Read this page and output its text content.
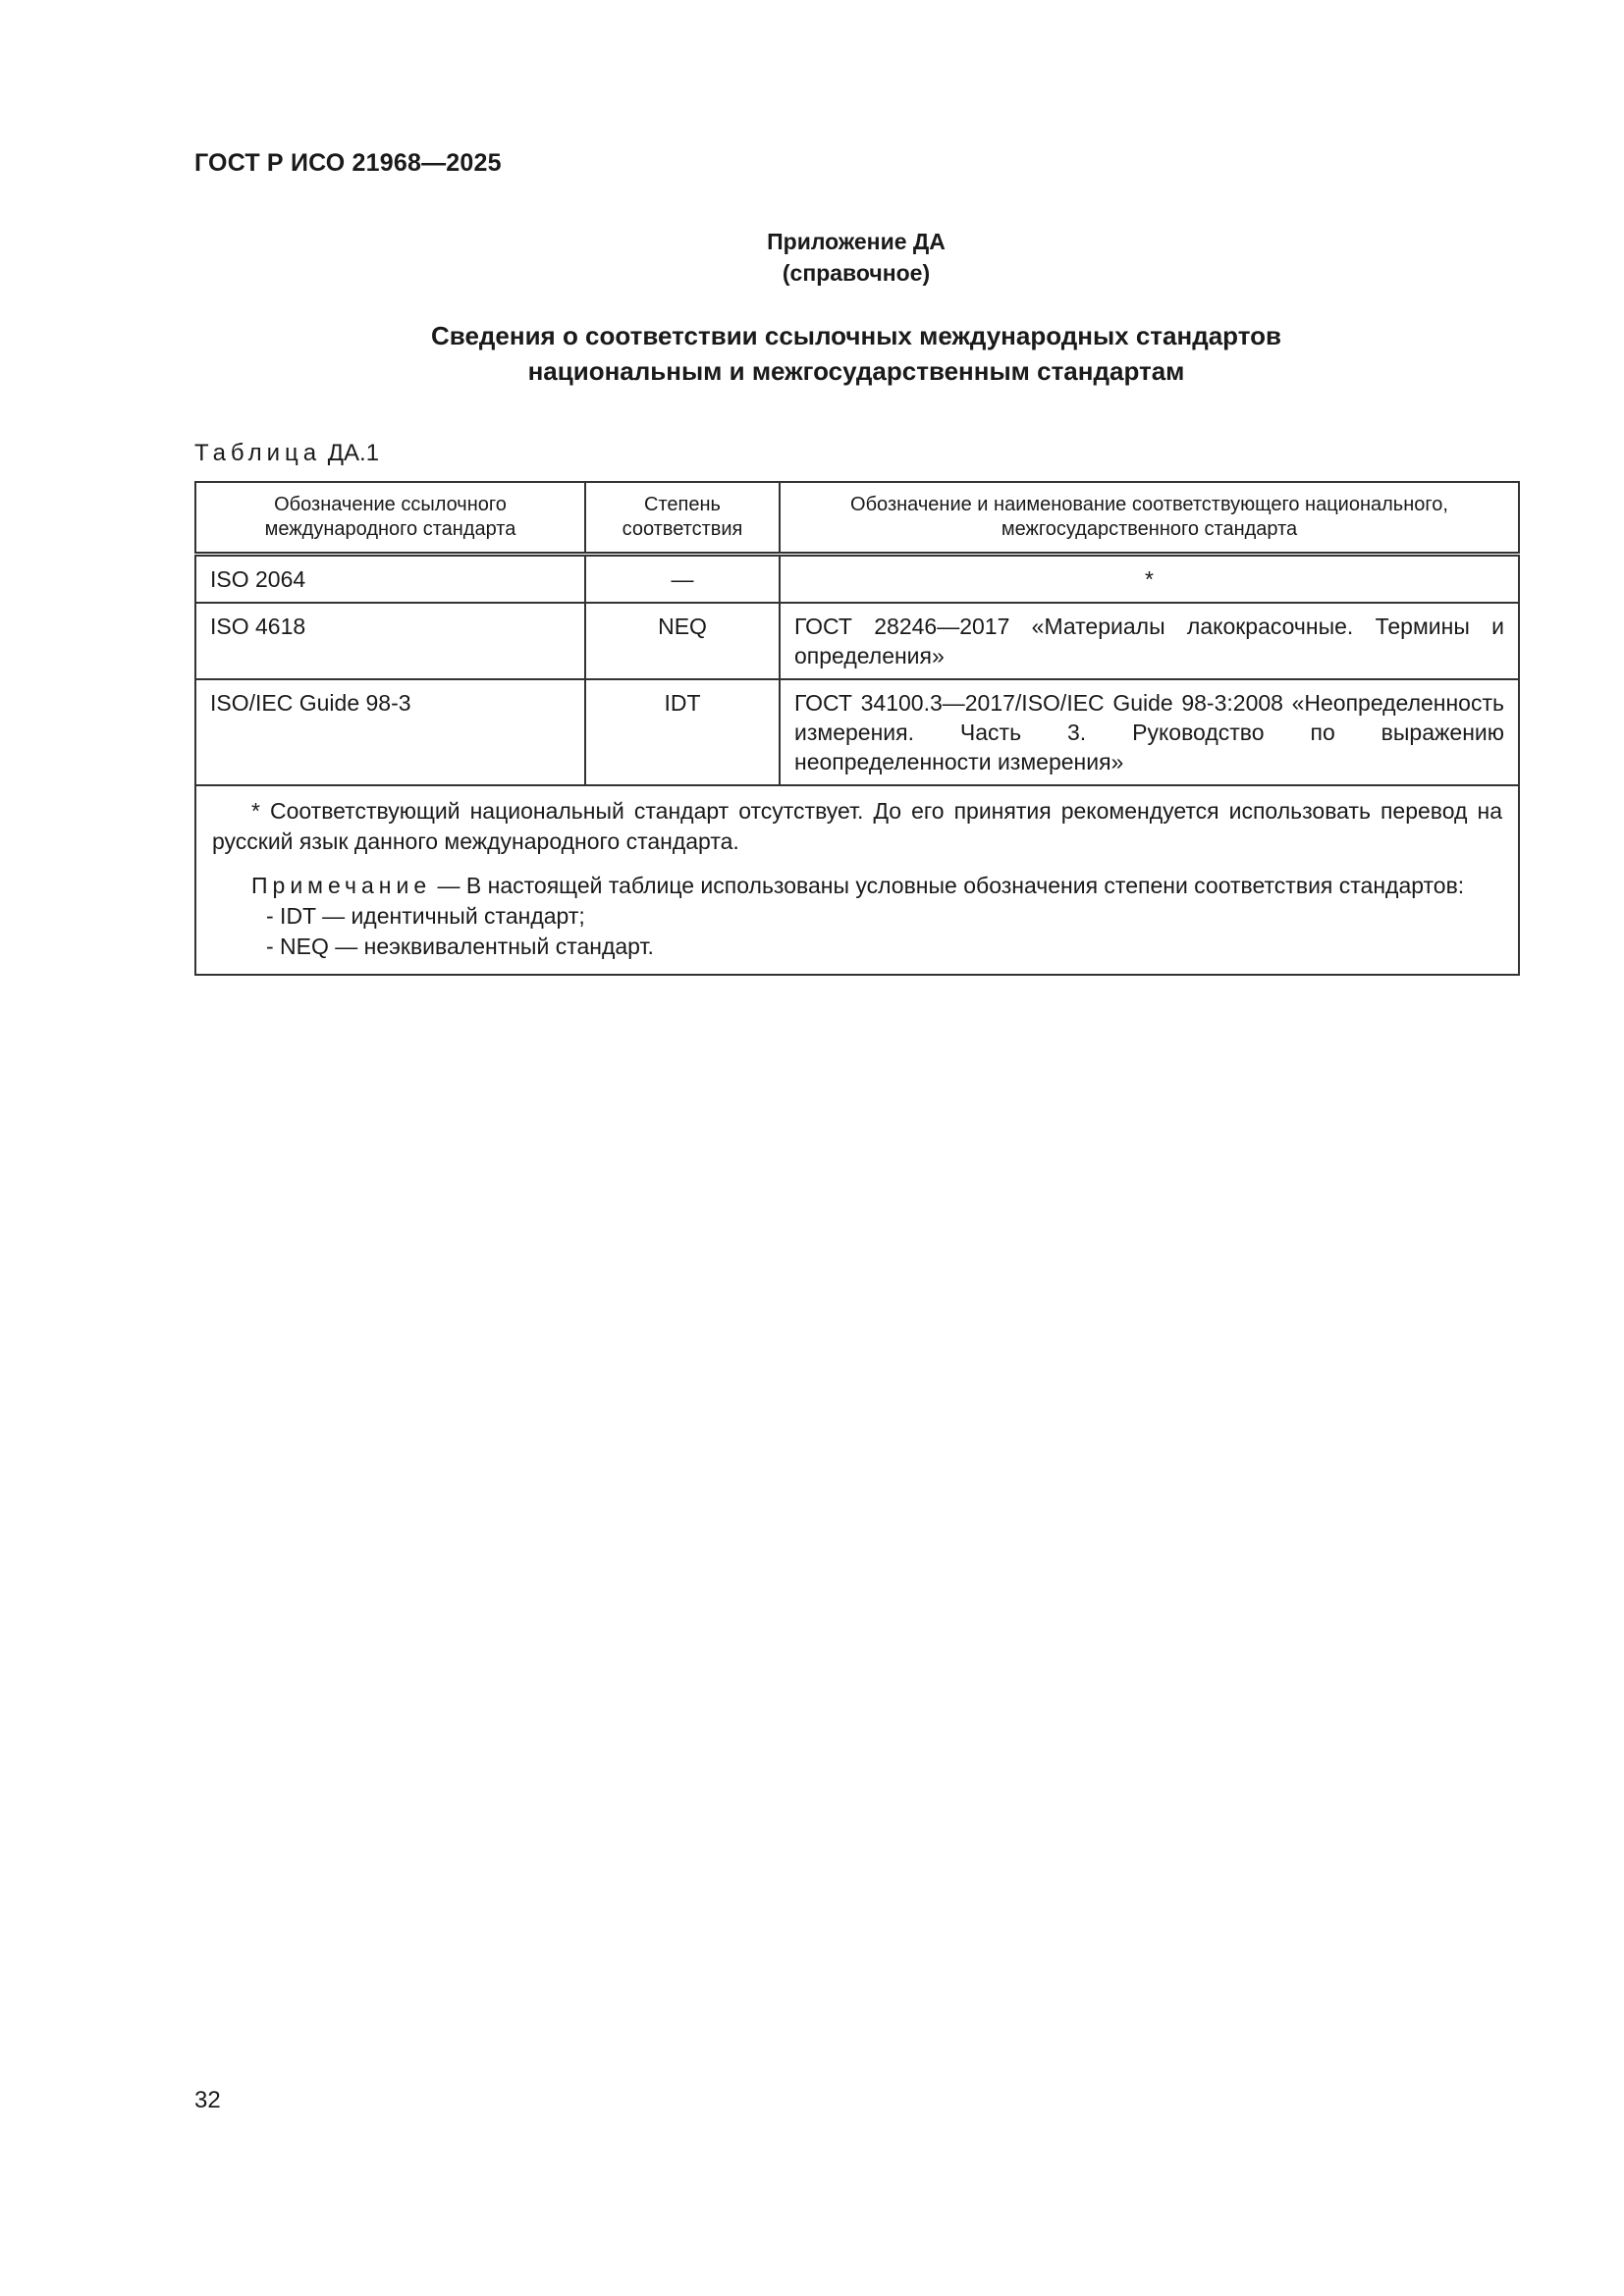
ГОСТ Р ИСО 21968—2025
Приложение ДА
(справочное)
Сведения о соответствии ссылочных международных стандартов
национальным и межгосударственным стандартам
Таблица ДА.1
Обозначение ссылочного международного стандарта	Степень соответствия	Обозначение и наименование соответствующего национального, межгосударственного стандарта
ISO 2064	—	*
ISO 4618	NEQ	ГОСТ 28246—2017 «Материалы лакокрасочные. Термины и определения»
ISO/IEC Guide 98-3	IDT	ГОСТ 34100.3—2017/ISO/IEC Guide 98-3:2008 «Неопределенность измерения. Часть 3. Руководство по выражению неопределенности измерения»

* Соответствующий национальный стандарт отсутствует. До его принятия рекомендуется использовать перевод на русский язык данного международного стандарта.

Примечание — В настоящей таблице использованы условные обозначения степени соответствия стандартов:

- IDT — идентичный стандарт;

- NEQ — неэквивалентный стандарт.		

32
